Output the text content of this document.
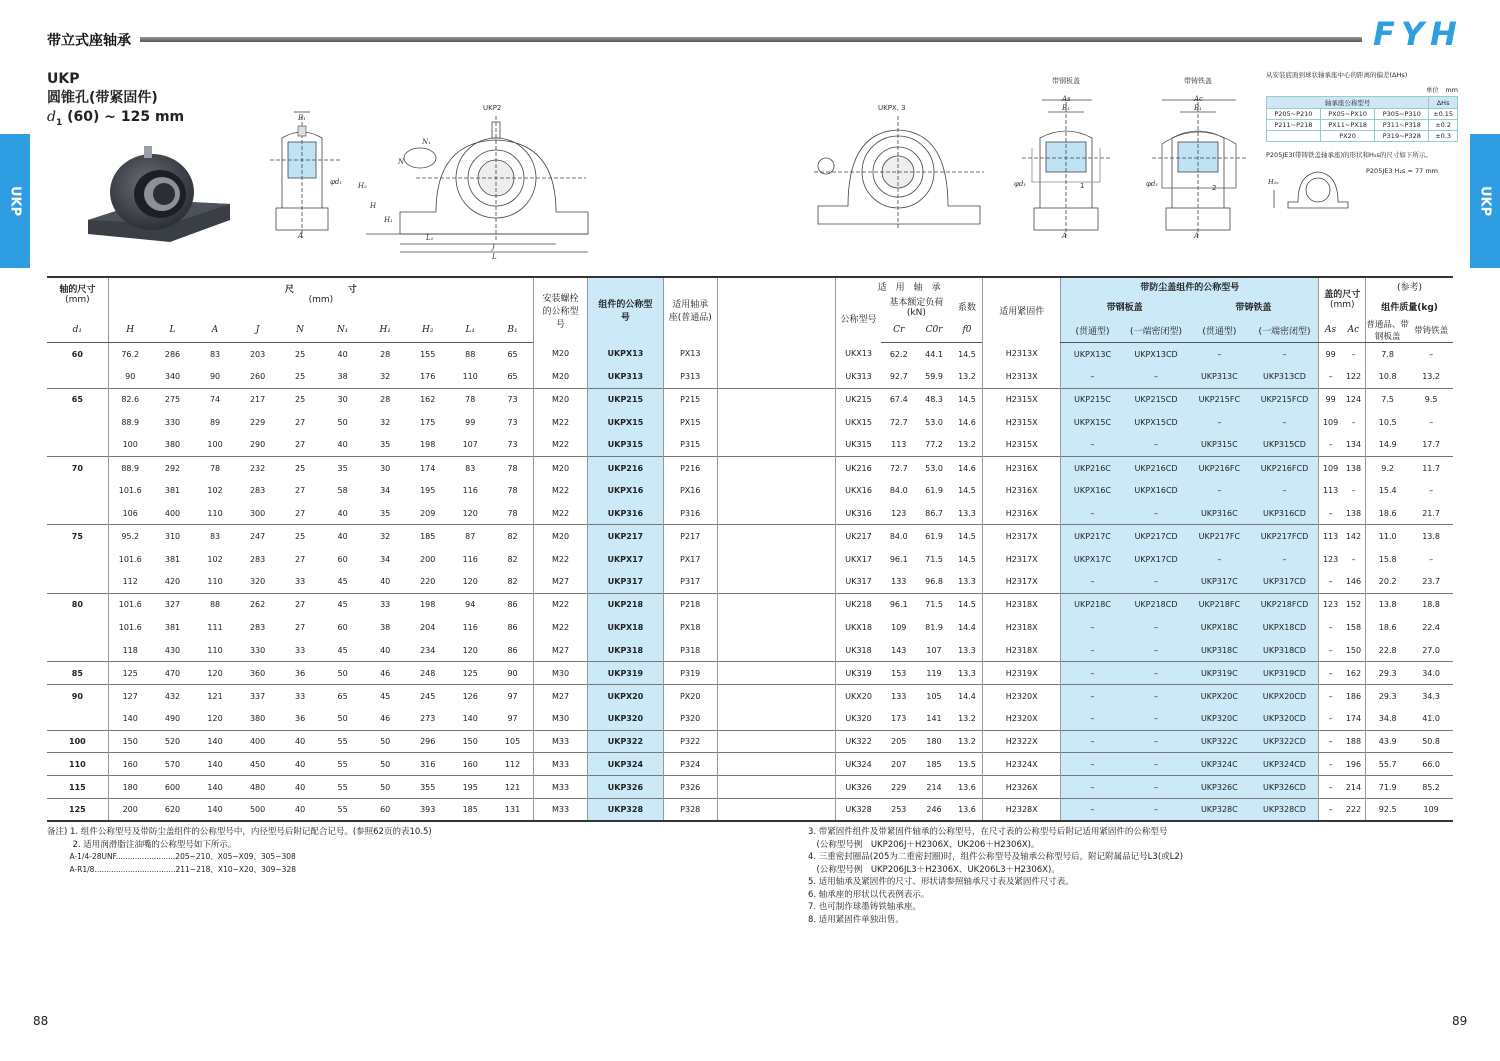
带立式座轴承	FYH
UKP	UKP
UKP
圆锥孔(带紧固件)
$d_1$ (60) ~ 125 mm	B₁
φd₁
A
UKP2
N₁
N
H₂
H
H₁
L₁
J
L
UKPX, 3
带钢板盖
As
B₁
φd₁	1
A
带铸铁盖
Ac
B₁
φd₁	2
A
从安装底面到球状轴承座中心的距离的偏差(ΔHs)
单位　mm
轴承座公称型号			ΔHs
P205~P210	PX05~PX10	P305~P310	±0.15
P211~P218	PX11~PX18	P311~P318	±0.2
	PX20	P319~P328	±0.3
P205JE3(带铸铁盖轴承座)的形状和H₂s的尺寸如下所示。
P205JE3 H₂s = 77 mm
H₂ₛ
轴的尺寸	尺　　　　　　寸										安装螺栓的公称型号	组件的公称型号	适用轴承座(普通品)		适　用　轴　承				适用紧固件	带防尘盖组件的公称型号				盖的尺寸
(mm)		(参考)	
(mm)	(mm)														公称型号	基本额定负荷
(kN)		系数		带钢板盖		带铸铁盖				组件质量(kg)	
d₁	H	L	A	J	N	N₁	H₁	H₂	L₁	B₁						Cr	C0r	f0		(贯通型)	(一端密闭型)	(贯通型)	(一端密闭型)	As	Ac	普通品、带钢板盖	带铸铁盖
60	76.2	286	83	203	25	40	28	155	88	65	M20	UKPX13	PX13		UKX13	62.2	44.1	14.5	H2313X	UKPX13C	UKPX13CD	–	–	99	–	7.8	–
	90	340	90	260	25	38	32	176	110	65	M20	UKP313	P313		UK313	92.7	59.9	13.2	H2313X	–	–	UKP313C	UKP313CD	–	122	10.8	13.2
65	82.6	275	74	217	25	30	28	162	78	73	M20	UKP215	P215		UK215	67.4	48.3	14.5	H2315X	UKP215C	UKP215CD	UKP215FC	UKP215FCD	99	124	7.5	9.5
	88.9	330	89	229	27	50	32	175	99	73	M22	UKPX15	PX15		UKX15	72.7	53.0	14.6	H2315X	UKPX15C	UKPX15CD	–	–	109	–	10.5	–
	100	380	100	290	27	40	35	198	107	73	M22	UKP315	P315		UK315	113	77.2	13.2	H2315X	–	–	UKP315C	UKP315CD	–	134	14.9	17.7
70	88.9	292	78	232	25	35	30	174	83	78	M20	UKP216	P216		UK216	72.7	53.0	14.6	H2316X	UKP216C	UKP216CD	UKP216FC	UKP216FCD	109	138	9.2	11.7
	101.6	381	102	283	27	58	34	195	116	78	M22	UKPX16	PX16		UKX16	84.0	61.9	14.5	H2316X	UKPX16C	UKPX16CD	–	–	113	–	15.4	–
	106	400	110	300	27	40	35	209	120	78	M22	UKP316	P316		UK316	123	86.7	13.3	H2316X	–	–	UKP316C	UKP316CD	–	138	18.6	21.7
75	95.2	310	83	247	25	40	32	185	87	82	M20	UKP217	P217		UK217	84.0	61.9	14.5	H2317X	UKP217C	UKP217CD	UKP217FC	UKP217FCD	113	142	11.0	13.8
	101.6	381	102	283	27	60	34	200	116	82	M22	UKPX17	PX17		UKX17	96.1	71.5	14.5	H2317X	UKPX17C	UKPX17CD	–	–	123	–	15.8	–
	112	420	110	320	33	45	40	220	120	82	M27	UKP317	P317		UK317	133	96.8	13.3	H2317X	–	–	UKP317C	UKP317CD	–	146	20.2	23.7
80	101.6	327	88	262	27	45	33	198	94	86	M22	UKP218	P218		UK218	96.1	71.5	14.5	H2318X	UKP218C	UKP218CD	UKP218FC	UKP218FCD	123	152	13.8	18.8
	101.6	381	111	283	27	60	38	204	116	86	M22	UKPX18	PX18		UKX18	109	81.9	14.4	H2318X	–	–	UKPX18C	UKPX18CD	–	158	18.6	22.4
	118	430	110	330	33	45	40	234	120	86	M27	UKP318	P318		UK318	143	107	13.3	H2318X	–	–	UKP318C	UKP318CD	–	150	22.8	27.0
85	125	470	120	360	36	50	46	248	125	90	M30	UKP319	P319		UK319	153	119	13.3	H2319X	–	–	UKP319C	UKP319CD	–	162	29.3	34.0
90	127	432	121	337	33	65	45	245	126	97	M27	UKPX20	PX20		UKX20	133	105	14.4	H2320X	–	–	UKPX20C	UKPX20CD	–	186	29.3	34.3
	140	490	120	380	36	50	46	273	140	97	M30	UKP320	P320		UK320	173	141	13.2	H2320X	–	–	UKP320C	UKP320CD	–	174	34.8	41.0
100	150	520	140	400	40	55	50	296	150	105	M33	UKP322	P322		UK322	205	180	13.2	H2322X	–	–	UKP322C	UKP322CD	–	188	43.9	50.8
110	160	570	140	450	40	55	50	316	160	112	M33	UKP324	P324		UK324	207	185	13.5	H2324X	–	–	UKP324C	UKP324CD	–	196	55.7	66.0
115	180	600	140	480	40	55	50	355	195	121	M33	UKP326	P326		UK326	229	214	13.6	H2326X	–	–	UKP326C	UKP326CD	–	214	71.9	85.2
125	200	620	140	500	40	55	60	393	185	131	M33	UKP328	P328		UK328	253	246	13.6	H2328X	–	–	UKP328C	UKP328CD	–	222	92.5	109
备注) 1. 组件公称型号及带防尘盖组件的公称型号中，内径型号后附记配合记号。(参照62页的表10.5)
　　　2. 适用润滑脂注油嘴的公称型号如下所示。
　　　A-1/4-28UNF.........................205~210、X05~X09、305~308
　　　A-R1/8..................................211~218、X10~X20、309~328
3. 带紧固件组件及带紧固件轴承的公称型号，在尺寸表的公称型号后附记适用紧固件的公称型号
　(公称型号例　UKP206J＋H2306X、UK206＋H2306X)。
4. 三重密封圈品(205为二重密封圈)时，组件公称型号及轴承公称型号后，附记附属品记号L3(或L2)
　(公称型号例　UKP206JL3＋H2306X、UK206L3＋H2306X)。
5. 适用轴承及紧固件的尺寸、形状请参照轴承尺寸表及紧固件尺寸表。
6. 轴承座的形状以代表例表示。
7. 也可制作球墨铸铁轴承座。
8. 适用紧固件单独出售。
88	89
